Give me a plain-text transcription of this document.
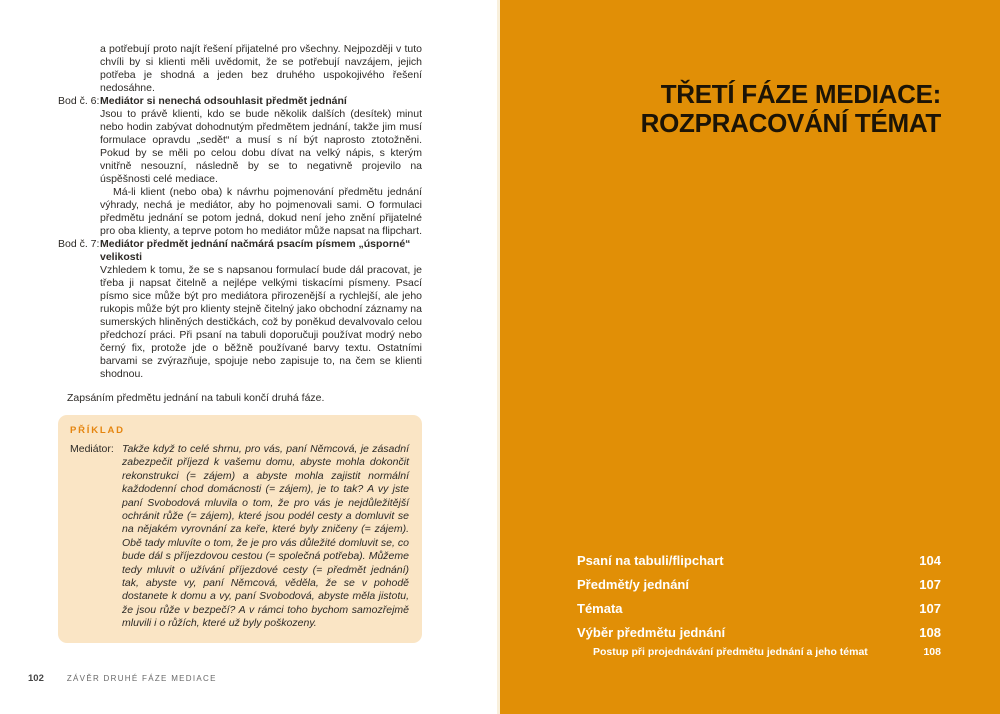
a potřebují proto najít řešení přijatelné pro všechny. Nejpozději v tuto chvíli by si klienti měli uvědomit, že se potřebují navzájem, jejich potřeba je shodná a jeden bez druhého uspokojivého řešení nedosáhne.

Bod č. 6: Mediátor si nenechá odsouhlasit předmět jednání

Jsou to právě klienti, kdo se bude několik dalších (desítek) minut nebo hodin zabývat dohodnutým předmětem jednání, takže jim musí formulace opravdu „sedět“ a musí s ní být naprosto ztotožněni. Pokud by se měli po celou dobu dívat na velký nápis, s kterým vnitřně nesouzní, následně by se to negativně projevilo na úspěšnosti celé mediace.

Má-li klient (nebo oba) k návrhu pojmenování předmětu jednání výhrady, nechá je mediátor, aby ho pojmenovali sami. O formulaci předmětu jednání se potom jedná, dokud není jeho znění přijatelné pro oba klienty, a teprve potom ho mediátor může napsat na flipchart.

Bod č. 7: Mediátor předmět jednání načmárá psacím písmem „úsporné“ velikosti

Vzhledem k tomu, že se s napsanou formulací bude dál pracovat, je třeba ji napsat čitelně a nejlépe velkými tiskacími písmeny. Psací písmo sice může být pro mediátora přirozenější a rychlejší, ale jeho rukopis může být pro klienty stejně čitelný jako obchodní záznamy na sumerských hliněných destičkách, což by poněkud devalvovalo celou předchozí práci. Při psaní na tabuli doporučuji používat modrý nebo černý fix, protože jde o běžně používané barvy textu. Ostatními barvami se zvýrazňuje, spojuje nebo zapisuje to, na čem se klienti shodnou.

Zapsáním předmětu jednání na tabuli končí druhá fáze.

PŘÍKLAD
Mediátor: Takže když to celé shrnu, pro vás, paní Němcová, je zásadní zabezpečit příjezd k vašemu domu, abyste mohla dokončit rekonstrukci (= zájem) a abyste mohla zajistit normální každodenní chod domácnosti (= zájem), je to tak? A vy jste paní Svobodová mluvila o tom, že pro vás je nejdůležitější ochránit růže (= zájem), které jsou podél cesty a domluvit se na nějakém vyrovnání za keře, které byly zničeny (= zájem). Obě tady mluvíte o tom, že je pro vás důležité domluvit se, co bude dál s příjezdovou cestou (= společná potřeba). Můžeme tedy mluvit o užívání příjezdové cesty (= předmět jednání) tak, abyste vy, paní Němcová, věděla, že se v pohodě dostanete k domu a vy, paní Svobodová, abyste měla jistotu, že jsou růže v bezpečí? A v rámci toho bychom samozřejmě mluvili i o růžích, které už byly poškozeny.
102	ZÁVĚR DRUHÉ FÁZE MEDIACE
TŘETÍ FÁZE MEDIACE:
ROZPRACOVÁNÍ TÉMAT
Psaní na tabuli/flipchart	104
Předmět/y jednání	107
Témata	107
Výběr předmětu jednání	108
Postup při projednávání předmětu jednání a jeho témat	108
